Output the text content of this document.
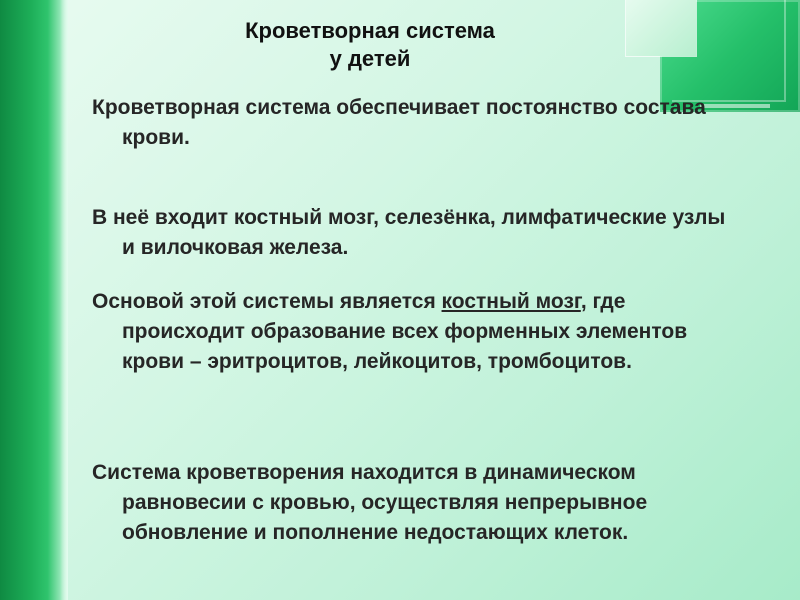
Кроветворная система
у детей

Кроветворная система обеспечивает постоянство состава крови.

В неё входит костный мозг, селезёнка, лимфатические узлы и вилочковая железа.

Основой этой системы является костный мозг, где происходит образование всех форменных элементов крови – эритроцитов, лейкоцитов, тромбоцитов.

Система кроветворения находится в динамическом равновесии с кровью, осуществляя непрерывное обновление и пополнение недостающих клеток.
